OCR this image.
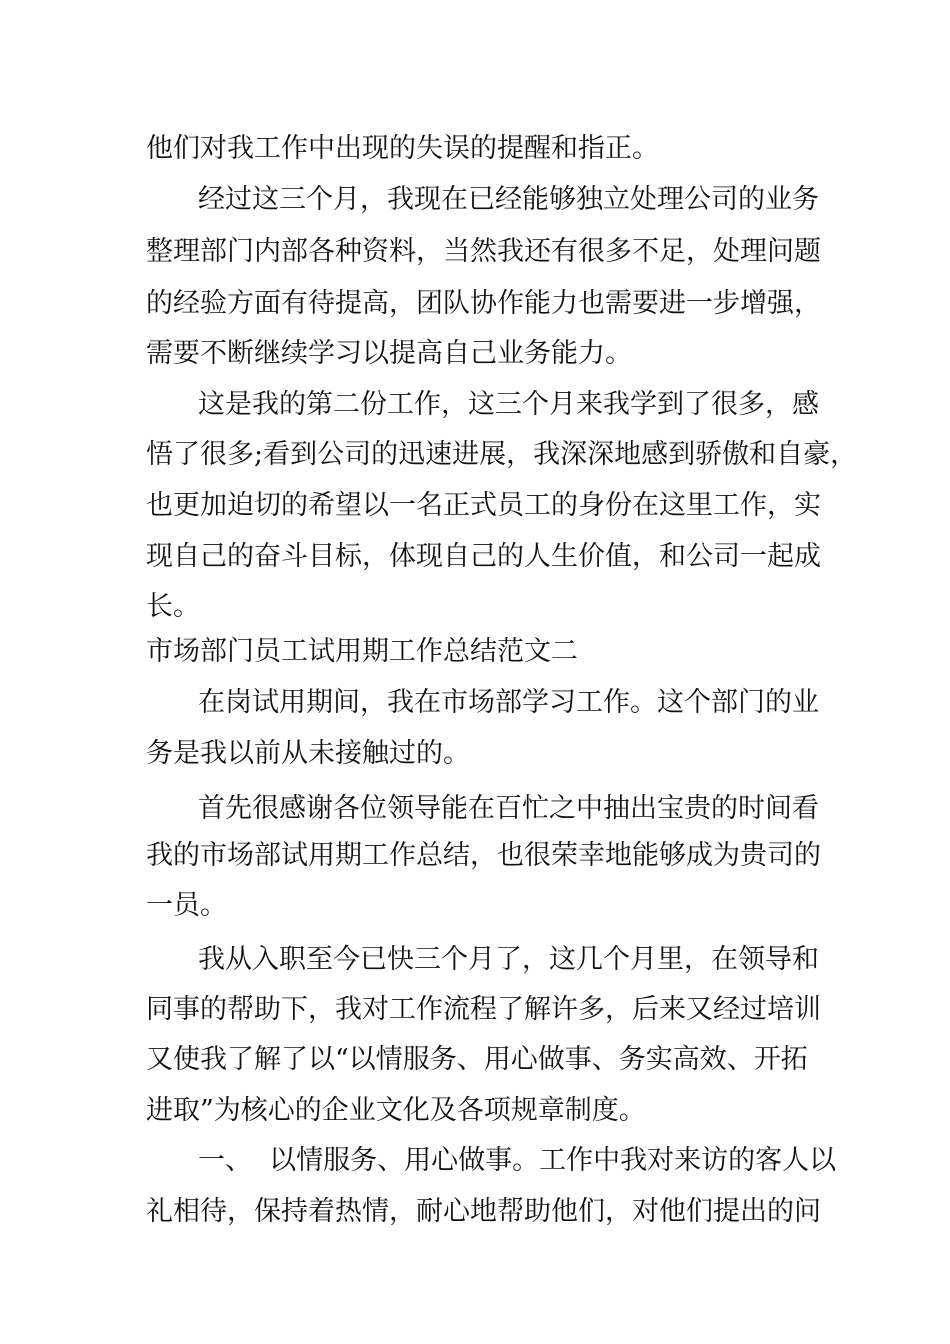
他们对我工作中出现的失误的提醒和指正。
经过这三个月，我现在已经能够独立处理公司的业务
整理部门内部各种资料，当然我还有很多不足，处理问题
的经验方面有待提高，团队协作能力也需要进一步增强，
需要不断继续学习以提高自己业务能力。
这是我的第二份工作，这三个月来我学到了很多，感
悟了很多;看到公司的迅速进展，我深深地感到骄傲和自豪，
也更加迫切的希望以一名正式员工的身份在这里工作，实
现自己的奋斗目标，体现自己的人生价值，和公司一起成
长。
市场部门员工试用期工作总结范文二
在岗试用期间，我在市场部学习工作。这个部门的业
务是我以前从未接触过的。
首先很感谢各位领导能在百忙之中抽出宝贵的时间看
我的市场部试用期工作总结，也很荣幸地能够成为贵司的
一员。
我从入职至今已快三个月了，这几个月里，在领导和
同事的帮助下，我对工作流程了解许多，后来又经过培训
又使我了解了以“以情服务、用心做事、务实高效、开拓
进取”为核心的企业文化及各项规章制度。
一、  以情服务、用心做事。工作中我对来访的客人以
礼相待，保持着热情，耐心地帮助他们，对他们提出的问
